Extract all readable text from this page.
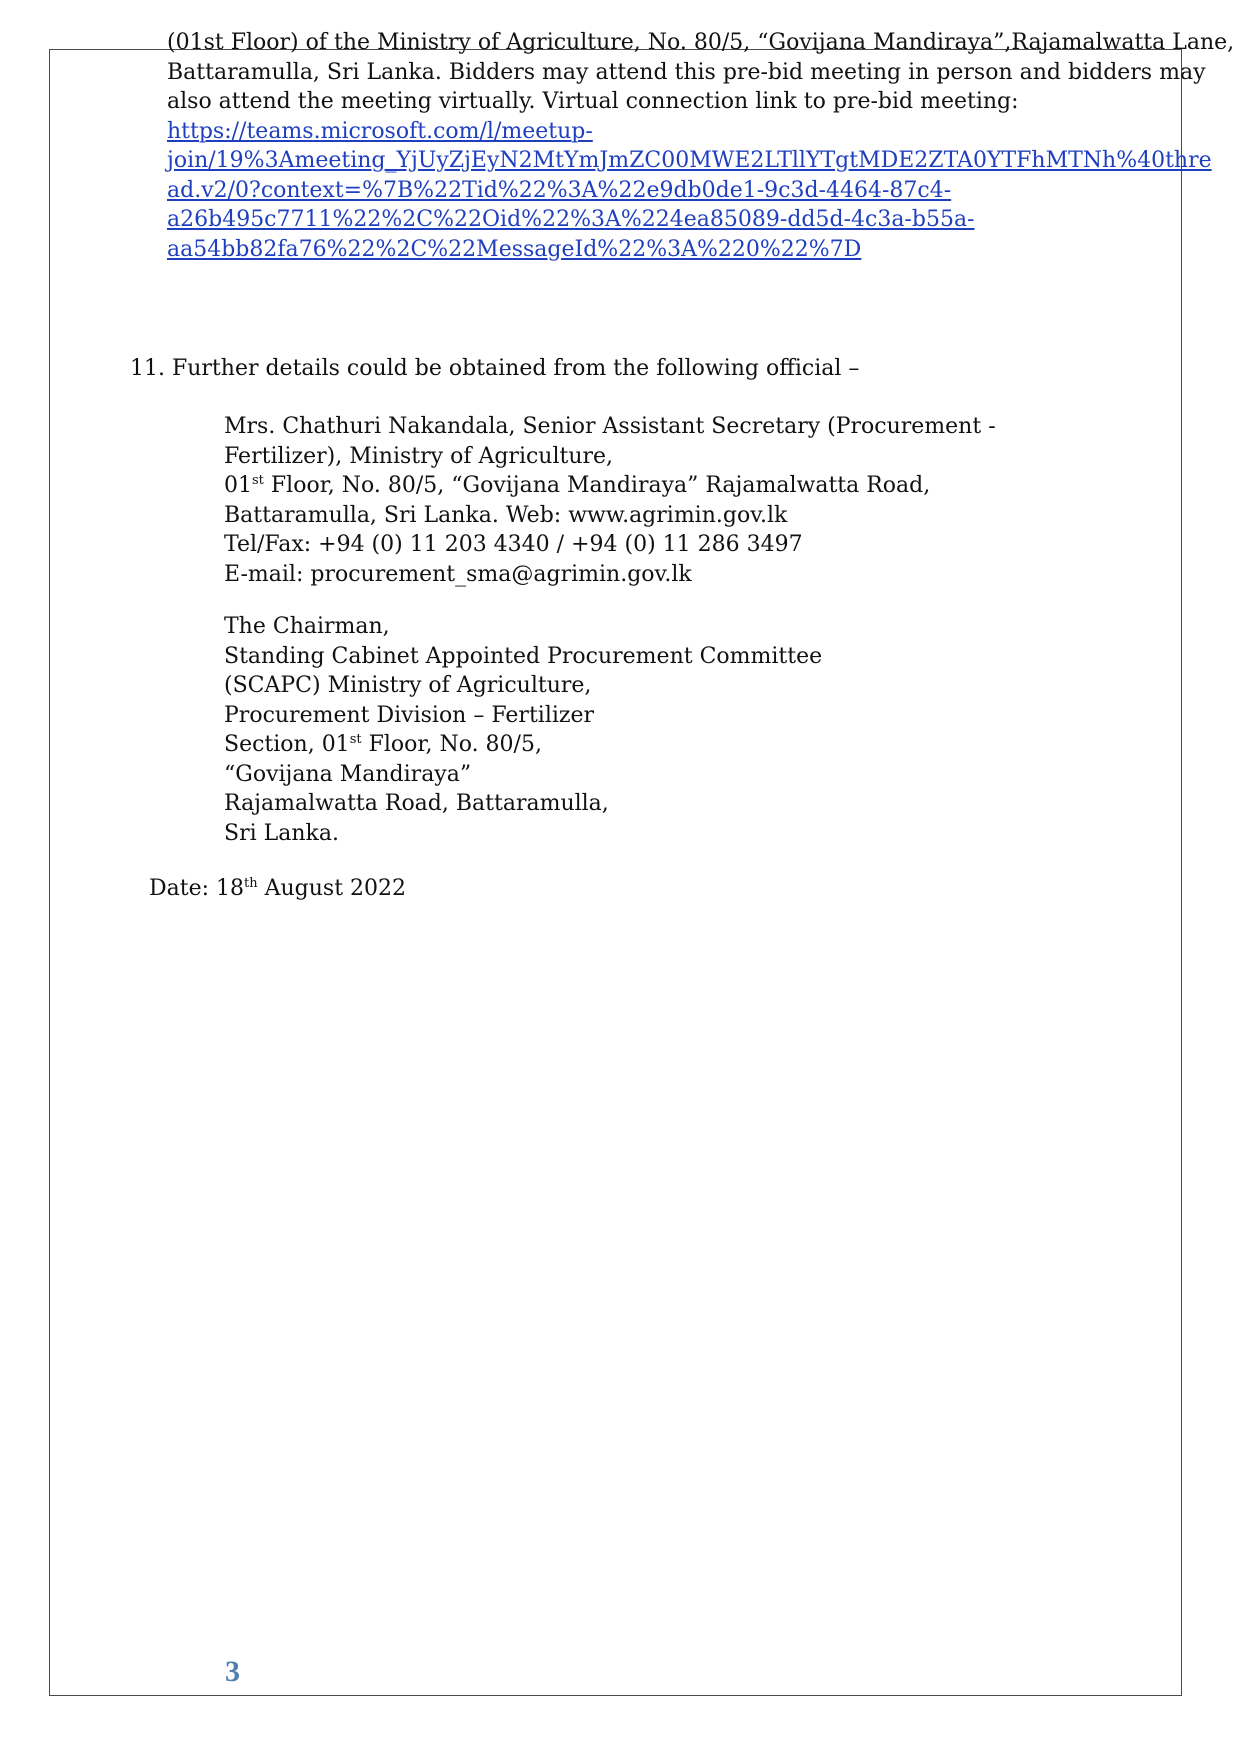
(01st Floor) of the Ministry of Agriculture, No. 80/5, “Govijana Mandiraya”,Rajamalwatta Lane,
Battaramulla, Sri Lanka. Bidders may attend this pre-bid meeting in person and bidders may
also attend the meeting virtually. Virtual connection link to pre-bid meeting:
https://teams.microsoft.com/l/meetup-
join/19%3Ameeting_YjUyZjEyN2MtYmJmZC00MWE2LTllYTgtMDE2ZTA0YTFhMTNh%40thre
ad.v2/0?context=%7B%22Tid%22%3A%22e9db0de1-9c3d-4464-87c4-
a26b495c7711%22%2C%22Oid%22%3A%224ea85089-dd5d-4c3a-b55a-
aa54bb82fa76%22%2C%22MessageId%22%3A%220%22%7D
11. Further details could be obtained from the following official –
Mrs. Chathuri Nakandala, Senior Assistant Secretary (Procurement -
Fertilizer), Ministry of Agriculture,
01st Floor, No. 80/5, “Govijana Mandiraya” Rajamalwatta Road,
Battaramulla, Sri Lanka. Web: www.agrimin.gov.lk
Tel/Fax: +94 (0) 11 203 4340 / +94 (0) 11 286 3497
E-mail: procurement_sma@agrimin.gov.lk
The Chairman,
Standing Cabinet Appointed Procurement Committee
(SCAPC) Ministry of Agriculture,
Procurement Division – Fertilizer
Section, 01st Floor, No. 80/5,
“Govijana Mandiraya”
Rajamalwatta Road, Battaramulla,
Sri Lanka.
Date: 18th August 2022
3
